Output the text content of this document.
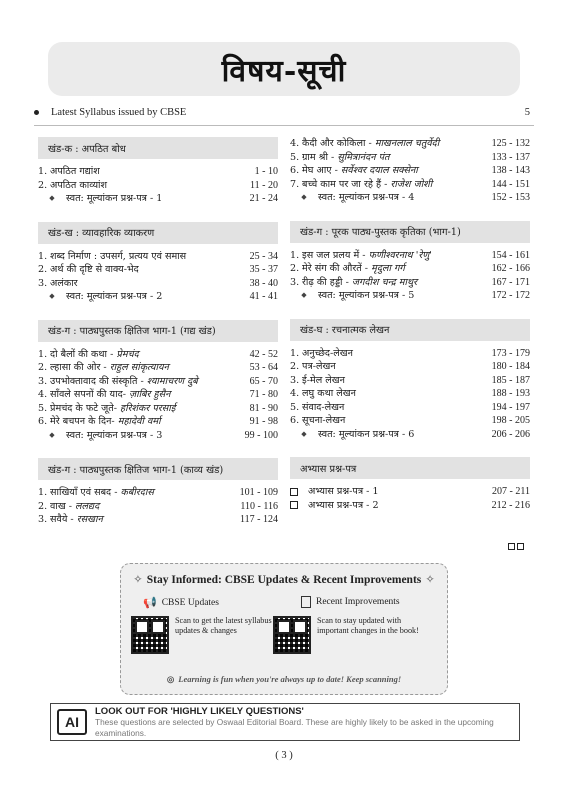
विषय-सूची
Latest Syllabus issued by CBSE	5
खंड-क : अपठित बोध
1. अपठित गद्यांश	1 - 10
2. अपठित काव्यांश	11 - 20
◆	स्वत: मूल्यांकन प्रश्न-पत्र - 1	21 - 24
खंड-ख : व्यावहारिक व्याकरण
1. शब्द निर्माण : उपसर्ग, प्रत्यय एवं समास	25 - 34
2. अर्थ की दृष्टि से वाक्य-भेद	35 - 37
3. अलंकार	38 - 40
◆	स्वत: मूल्यांकन प्रश्न-पत्र - 2	41 - 41
खंड-ग : पाठ्यपुस्तक क्षितिज भाग-1 (गद्य खंड)
1. दो बैलों की कथा - प्रेमचंद	42 - 52
2. ल्हासा की ओर - राहुल सांकृत्यायन	53 - 64
3. उपभोक्तावाद की संस्कृति - श्यामाचरण दुबे	65 - 70
4. साँवले सपनों की याद- ज़ाबिर हुसैन	71 - 80
5. प्रेमचंद के फटे जूते- हरिशंकर परसाई	81 - 90
6. मेरे बचपन के दिन- महादेवी वर्मा	91 - 98
◆	स्वत: मूल्यांकन प्रश्न-पत्र - 3	99 - 100
खंड-ग : पाठ्यपुस्तक क्षितिज भाग-1 (काव्य खंड)
1. साखियाँ एवं सबद - कबीरदास	101 - 109
2. वाख - ललद्यद	110 - 116
3. सवैये - रसखान	117 - 124
4. कैदी और कोकिला - माखनलाल चतुर्वेदी	125 - 132
5. ग्राम श्री - सुमित्रानंदन पंत	133 - 137
6. मेघ आए - सर्वेश्वर दयाल सक्सेना	138 - 143
7. बच्चे काम पर जा रहे हैं - राजेश जोशी	144 - 151
◆	स्वत: मूल्यांकन प्रश्न-पत्र - 4	152 - 153
खंड-ग : पूरक पाठ्य-पुस्तक कृतिका (भाग-1)
1. इस जल प्रलय में - फणीश्वरनाथ 'रेणु'	154 - 161
2. मेरे संग की औरतें - मृदुला गर्ग	162 - 166
3. रीढ़ की हड्डी - जगदीश चन्द्र माथुर	167 - 171
◆	स्वत: मूल्यांकन प्रश्न-पत्र - 5	172 - 172
खंड-घ : रचनात्मक लेखन
1. अनुच्छेद-लेखन	173 - 179
2. पत्र-लेखन	180 - 184
3. ई-मेल लेखन	185 - 187
4. लघु कथा लेखन	188 - 193
5. संवाद-लेखन	194 - 197
6. सूचना-लेखन	198 - 205
◆	स्वत: मूल्यांकन प्रश्न-पत्र - 6	206 - 206
अभ्यास प्रश्न-पत्र
अभ्यास प्रश्न-पत्र - 1	207 - 211
अभ्यास प्रश्न-पत्र - 2	212 - 216
✧ Stay Informed: CBSE Updates & Recent Improvements ✧
📢 CBSE Updates	Recent Improvements
Scan to get the latest syllabus updates & changes
Scan to stay updated with important changes in the book!
◎ Learning is fun when you're always up to date! Keep scanning!
AI
LOOK OUT FOR 'HIGHLY LIKELY QUESTIONS'
These questions are selected by Oswaal Editorial Board. These are highly likely to be asked in the upcoming examinations.
( 3 )
